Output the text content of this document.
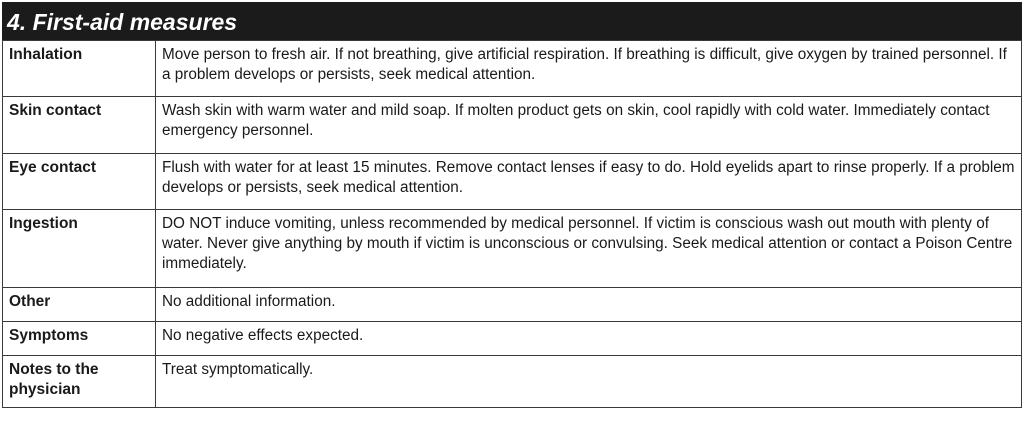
4. First-aid measures
Inhalation	Move person to fresh air. If not breathing, give artificial respiration. If breathing is difficult, give oxygen by trained personnel. If a problem develops or persists, seek medical attention.
Skin contact	Wash skin with warm water and mild soap. If molten product gets on skin, cool rapidly with cold water. Immediately contact emergency personnel.
Eye contact	Flush with water for at least 15 minutes. Remove contact lenses if easy to do. Hold eyelids apart to rinse properly. If a problem develops or persists, seek medical attention.
Ingestion	DO NOT induce vomiting, unless recommended by medical personnel. If victim is conscious wash out mouth with plenty of water. Never give anything by mouth if victim is unconscious or convulsing. Seek medical attention or contact a Poison Centre immediately.
Other	No additional information.
Symptoms	No negative effects expected.
Notes to the physician	Treat symptomatically.
